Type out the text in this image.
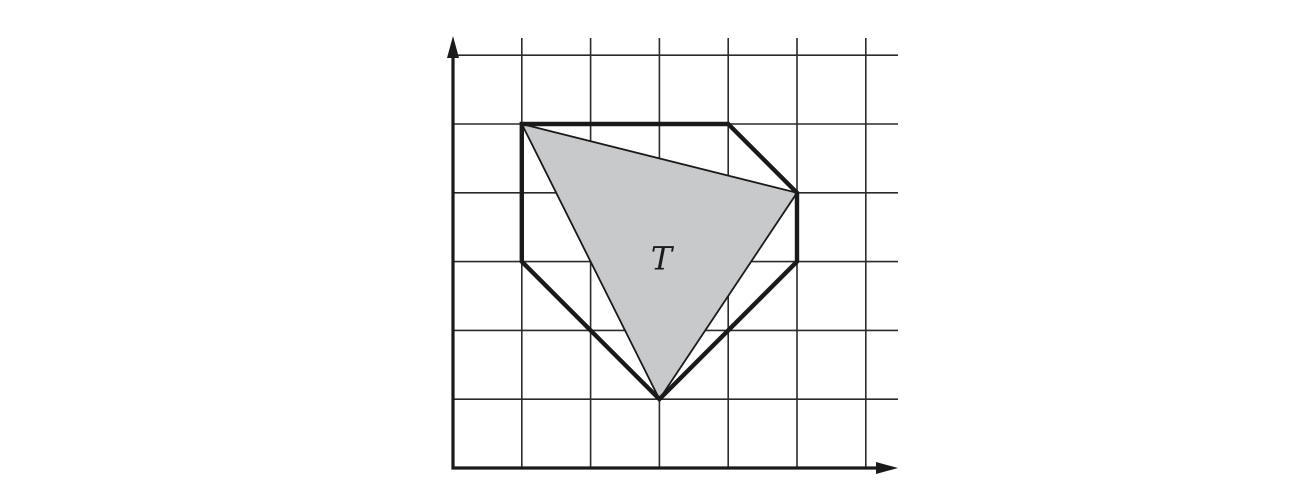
T
